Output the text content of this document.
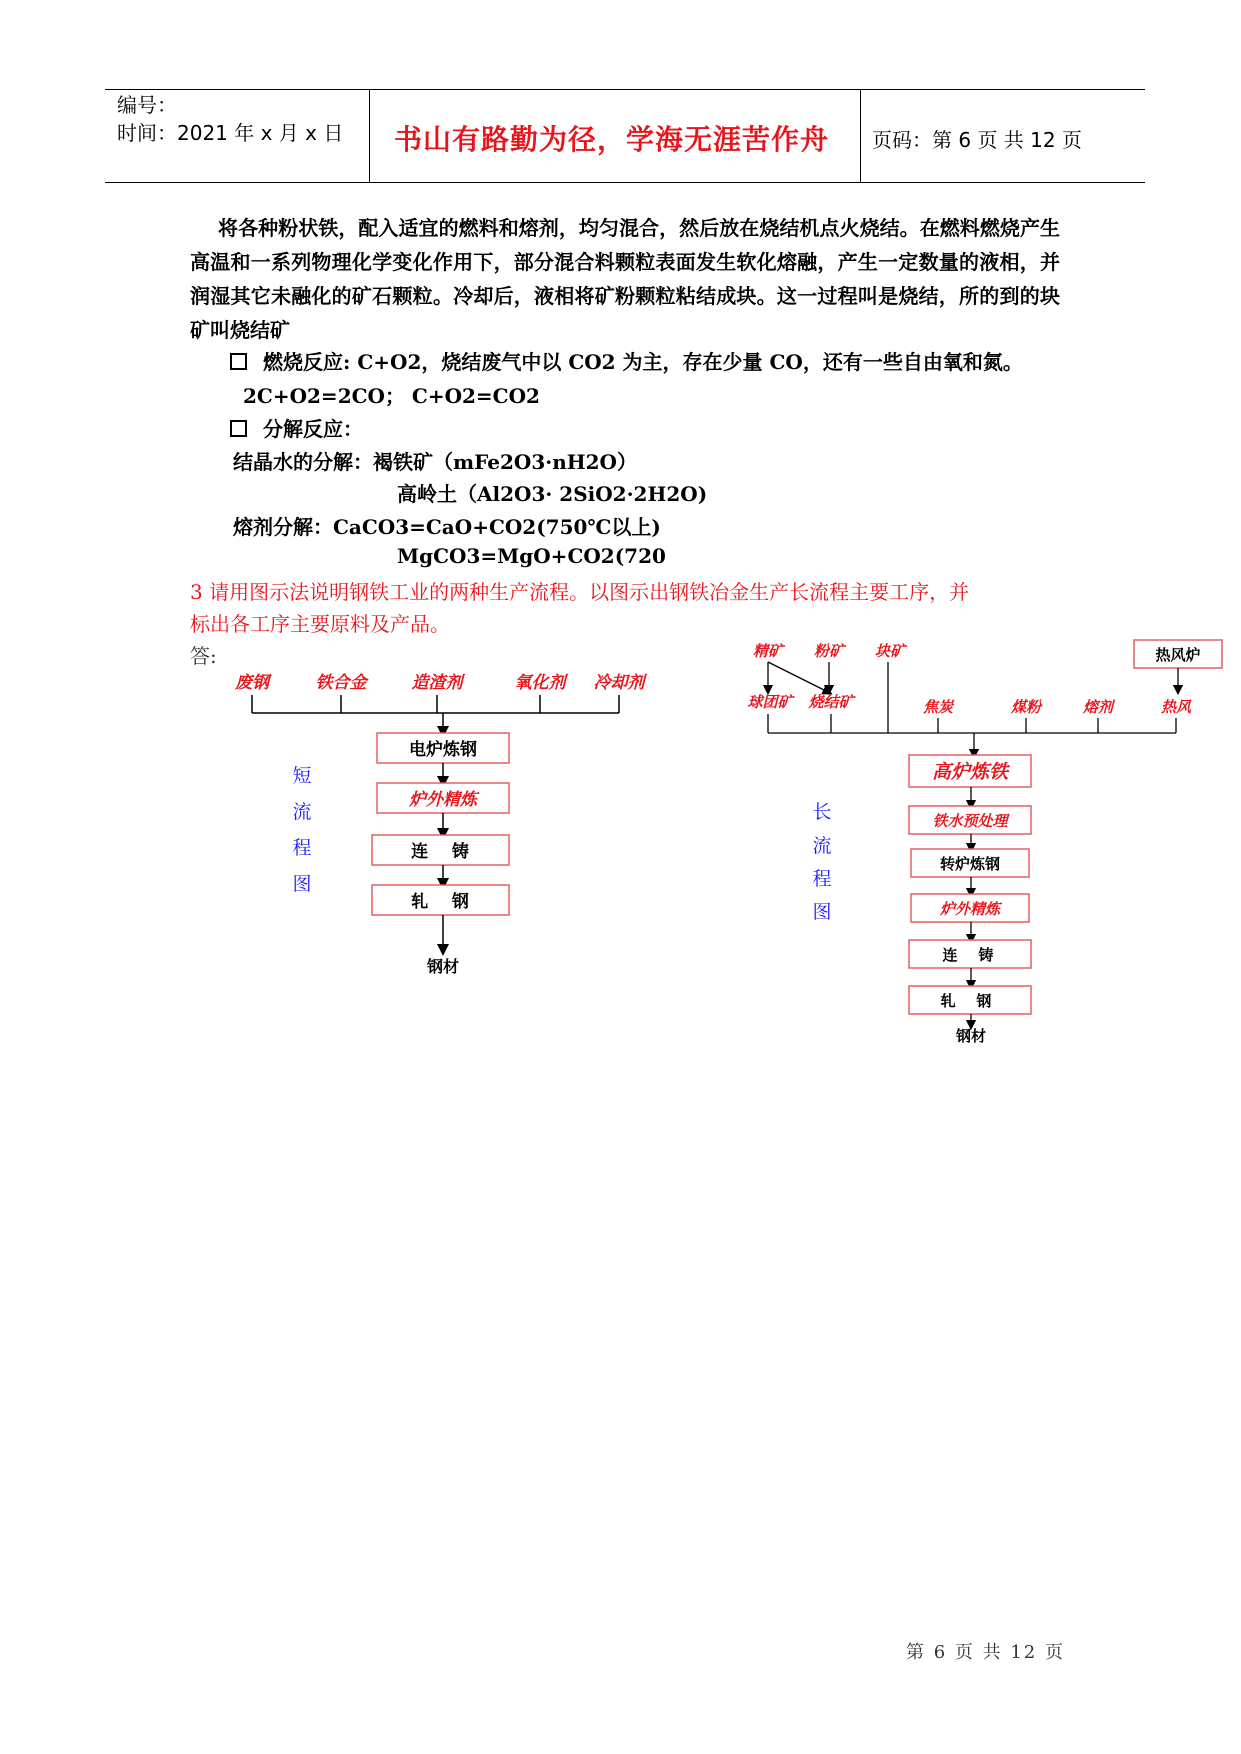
编号：
时间：2021 年 x 月 x 日 书山有路勤为径，学海无涯苦作舟 页码：第 6 页 共 12 页
将各种粉状铁，配入适宜的燃料和熔剂，均匀混合，然后放在烧结机点火烧结。在燃料燃烧产生高温和一系列物理化学变化作用下，部分混合料颗粒表面发生软化熔融，产生一定数量的液相，并润湿其它未融化的矿石颗粒。冷却后，液相将矿粉颗粒粘结成块。这一过程叫是烧结，所的到的块矿叫烧结矿
燃烧反应: C+O2，烧结废气中以 CO2 为主，存在少量 CO，还有一些自由氧和氮。
2C+O2=2CO； C+O2=CO2
分解反应：
结晶水的分解：褐铁矿（mFe2O3·nH2O）
高岭土（Al2O3· 2SiO2·2H2O)
熔剂分解：CaCO3=CaO+CO2(750℃以上)
MgCO3=MgO+CO2(720
3 请用图示法说明钢铁工业的两种生产流程。以图示出钢铁冶金生产长流程主要工序，并
标出各工序主要原料及产品。
答:
废钢	铁合金	造渣剂	氧化剂 冷却剂
电炉炼钢
炉外精炼
连    铸
轧    钢
钢材
短
流
程
图
精矿 粉矿 块矿
球团矿 烧结矿
热风炉
焦炭	煤粉	熔剂	热风
高炉炼铁
铁水预处理
转炉炼钢
炉外精炼
连    铸
轧    钢
钢材
长
流
程
图
第 6 页 共 12 页
